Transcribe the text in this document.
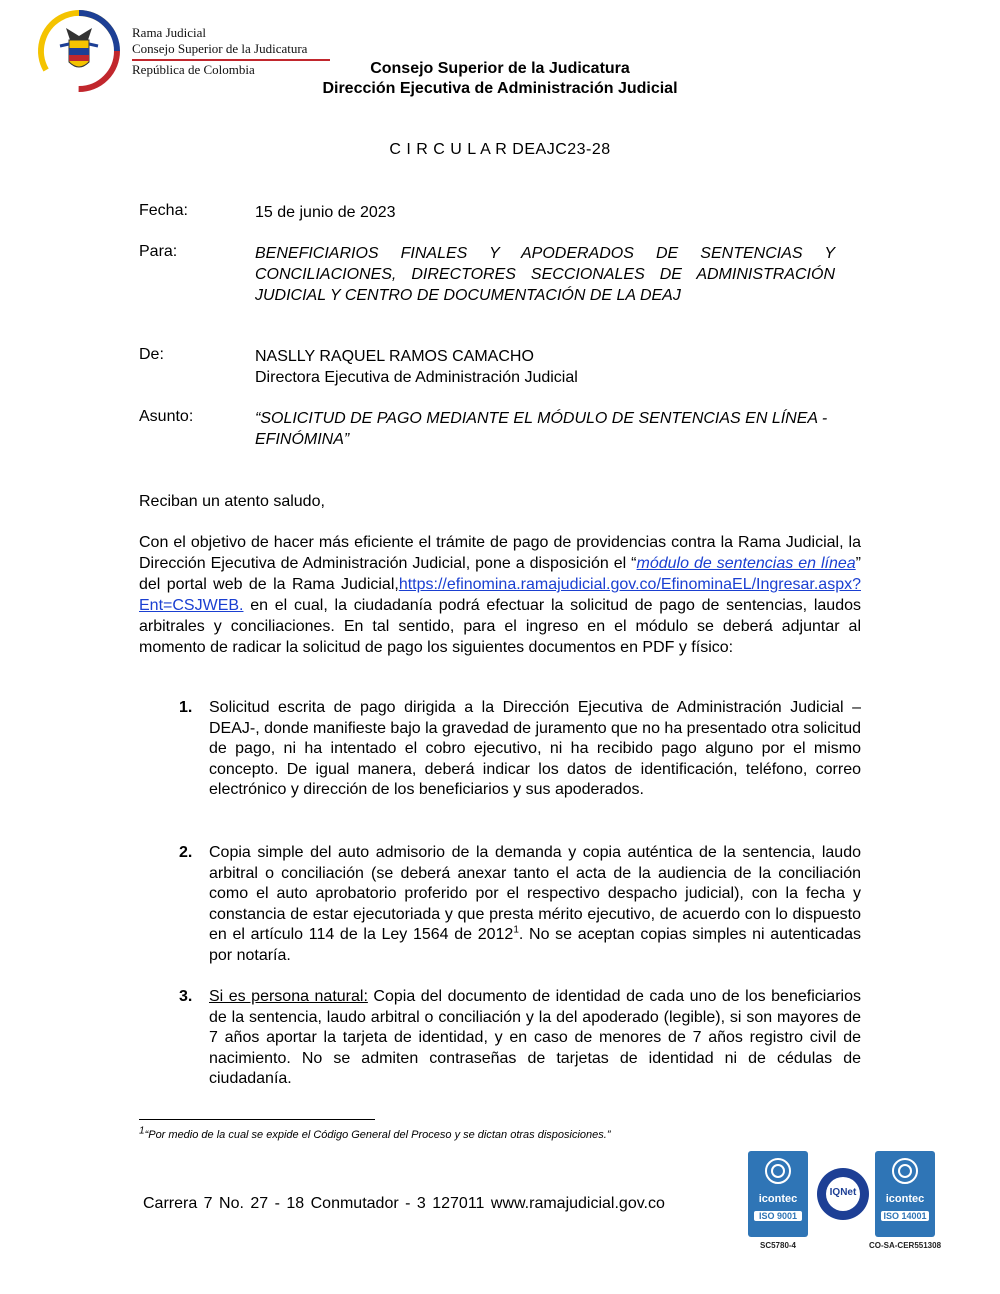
Rama Judicial
Consejo Superior de la Judicatura
República de Colombia	Consejo Superior de la Judicatura
Dirección Ejecutiva de Administración Judicial
C I R C U L A R DEAJC23-28
Fecha:	15 de junio de 2023
Para:	BENEFICIARIOS FINALES Y APODERADOS DE SENTENCIAS Y CONCILIACIONES, DIRECTORES SECCIONALES DE ADMINISTRACIÓN JUDICIAL Y CENTRO DE DOCUMENTACIÓN DE LA DEAJ
De:	NASLLY RAQUEL RAMOS CAMACHO
Directora Ejecutiva de Administración Judicial
Asunto:	“SOLICITUD DE PAGO MEDIANTE EL MÓDULO DE SENTENCIAS EN LÍNEA - EFINÓMINA”
Reciban un atento saludo,
Con el objetivo de hacer más eficiente el trámite de pago de providencias contra la Rama Judicial, la Dirección Ejecutiva de Administración Judicial, pone a disposición el “módulo de sentencias en línea” del portal web de la Rama Judicial,https://efinomina.ramajudicial.gov.co/EfinominaEL/Ingresar.aspx?Ent=CSJWEB. en el cual, la ciudadanía podrá efectuar la solicitud de pago de sentencias, laudos arbitrales y conciliaciones. En tal sentido, para el ingreso en el módulo se deberá adjuntar al momento de radicar la solicitud de pago los siguientes documentos en PDF y físico:
1. Solicitud escrita de pago dirigida a la Dirección Ejecutiva de Administración Judicial –DEAJ-, donde manifieste bajo la gravedad de juramento que no ha presentado otra solicitud de pago, ni ha intentado el cobro ejecutivo, ni ha recibido pago alguno por el mismo concepto. De igual manera, deberá indicar los datos de identificación, teléfono, correo electrónico y dirección de los beneficiarios y sus apoderados.
2. Copia simple del auto admisorio de la demanda y copia auténtica de la sentencia, laudo arbitral o conciliación (se deberá anexar tanto el acta de la audiencia de la conciliación como el auto aprobatorio proferido por el respectivo despacho judicial), con la fecha y constancia de estar ejecutoriada y que presta mérito ejecutivo, de acuerdo con lo dispuesto en el artículo 114 de la Ley 1564 de 2012$^1$. No se aceptan copias simples ni autenticadas por notaría.
3. Si es persona natural: Copia del documento de identidad de cada uno de los beneficiarios de la sentencia, laudo arbitral o conciliación y la del apoderado (legible), si son mayores de 7 años aportar la tarjeta de identidad, y en caso de menores de 7 años registro civil de nacimiento. No se admiten contraseñas de tarjetas de identidad ni de cédulas de ciudadanía.
$^1$“Por medio de la cual se expide el Código General del Proceso y se dictan otras disposiciones.”
Carrera 7 No. 27 - 18 Conmutador - 3 127011 www.ramajudicial.gov.co	icontec
ISO 9001
SC5780-4
IQNet
icontec
ISO 14001
CO-SA-CER551308
